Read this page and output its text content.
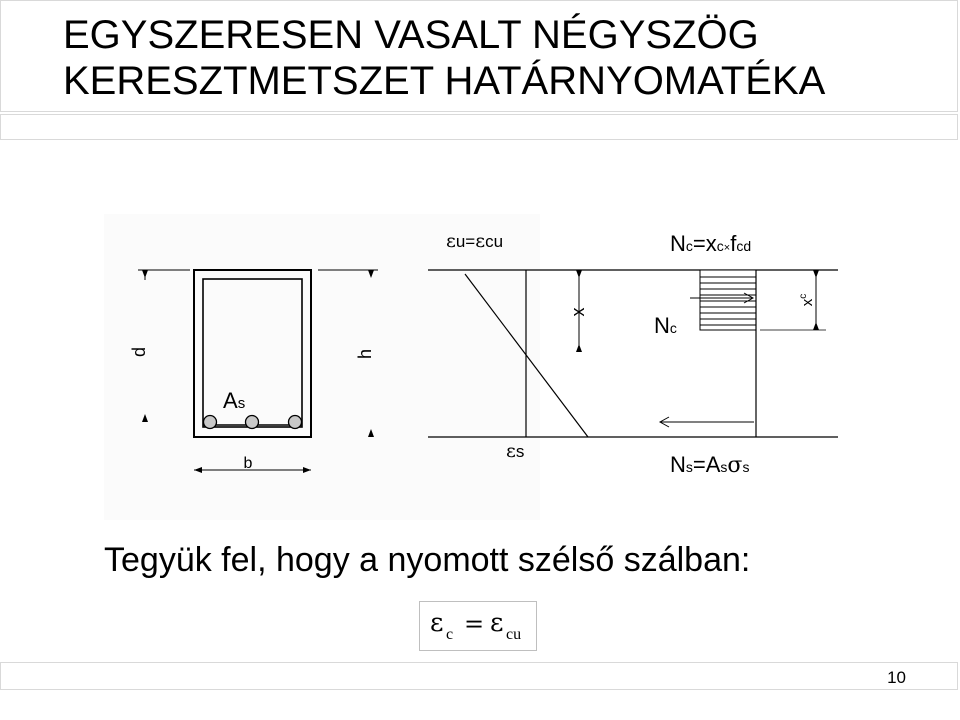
EGYSZERESEN VASALT NÉGYSZÖG
KERESZTMETSZET HATÁRNYOMATÉKA
d	h
b
As
x
εu=εcu
εs
$x^c$
Nc=xc×fcd
Nc
Ns=Asσs
Tegyük fel, hogy a nyomott szélső szálban:
ε c = ε cu
10
